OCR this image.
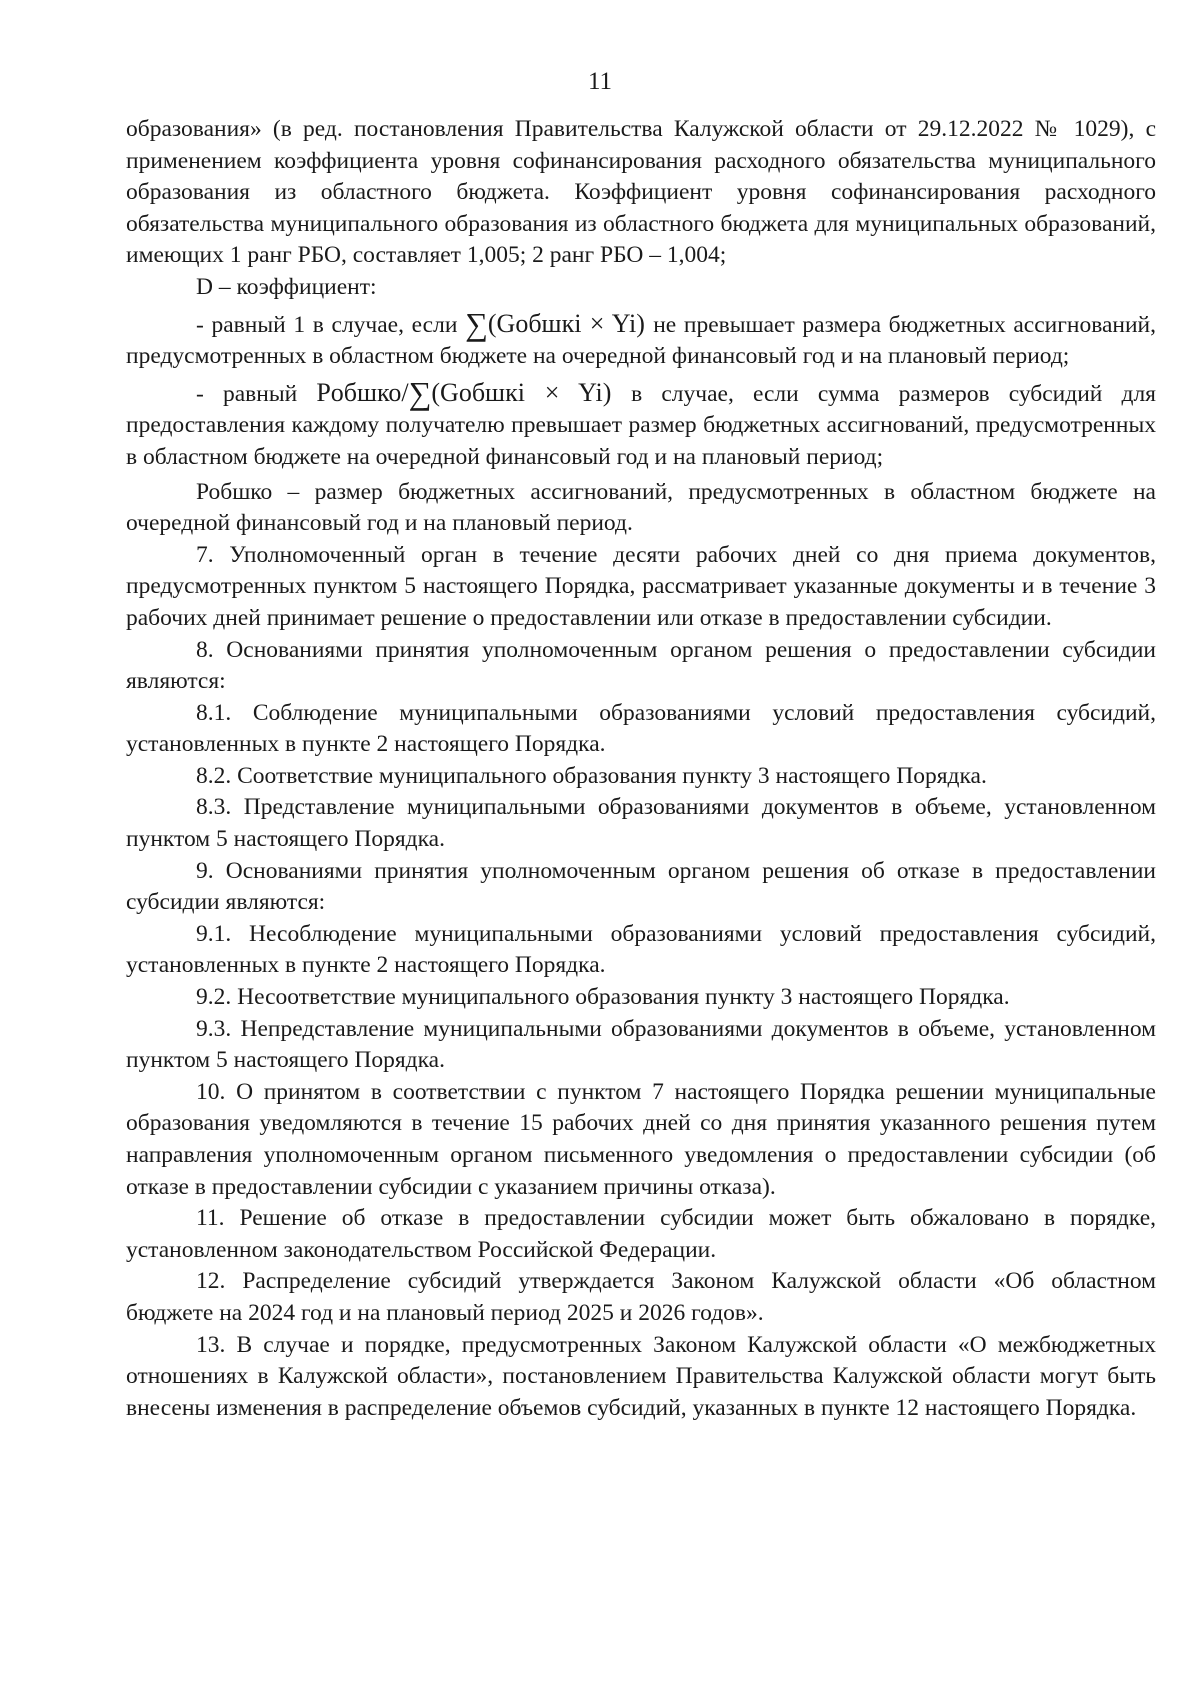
11

образования» (в ред. постановления Правительства Калужской области от 29.12.2022 № 1029), с применением коэффициента уровня софинансирования расходного обязательства муниципального образования из областного бюджета. Коэффициент уровня софинансирования расходного обязательства муниципального образования из областного бюджета для муниципальных образований, имеющих 1 ранг РБО, составляет 1,005; 2 ранг РБО – 1,004;

D – коэффициент:

- равный 1 в случае, если ∑(Gобшкi × Yi) не превышает размера бюджетных ассигнований, предусмотренных в областном бюджете на очередной финансовый год и на плановый период;

- равный Pобшко/∑(Gобшкi × Yi) в случае, если сумма размеров субсидий для предоставления каждому получателю превышает размер бюджетных ассигнований, предусмотренных в областном бюджете на очередной финансовый год и на плановый период;

Робшко – размер бюджетных ассигнований, предусмотренных в областном бюджете на очередной финансовый год и на плановый период.

7. Уполномоченный орган в течение десяти рабочих дней со дня приема документов, предусмотренных пунктом 5 настоящего Порядка, рассматривает указанные документы и в течение 3 рабочих дней принимает решение о предоставлении или отказе в предоставлении субсидии.

8. Основаниями принятия уполномоченным органом решения о предоставлении субсидии являются:

8.1. Соблюдение муниципальными образованиями условий предоставления субсидий, установленных в пункте 2 настоящего Порядка.

8.2. Соответствие муниципального образования пункту 3 настоящего Порядка.

8.3. Представление муниципальными образованиями документов в объеме, установленном пунктом 5 настоящего Порядка.

9. Основаниями принятия уполномоченным органом решения об отказе в предоставлении субсидии являются:

9.1. Несоблюдение муниципальными образованиями условий предоставления субсидий, установленных в пункте 2 настоящего Порядка.

9.2. Несоответствие муниципального образования пункту 3 настоящего Порядка.

9.3. Непредставление муниципальными образованиями документов в объеме, установленном пунктом 5 настоящего Порядка.

10. О принятом в соответствии с пунктом 7 настоящего Порядка решении муниципальные образования уведомляются в течение 15 рабочих дней со дня принятия указанного решения путем направления уполномоченным органом письменного уведомления о предоставлении субсидии (об отказе в предоставлении субсидии с указанием причины отказа).

11. Решение об отказе в предоставлении субсидии может быть обжаловано в порядке, установленном законодательством Российской Федерации.

12. Распределение субсидий утверждается Законом Калужской области «Об областном бюджете на 2024 год и на плановый период 2025 и 2026 годов».

13. В случае и порядке, предусмотренных Законом Калужской области «О межбюджетных отношениях в Калужской области», постановлением Правительства Калужской области могут быть внесены изменения в распределение объемов субсидий, указанных в пункте 12 настоящего Порядка.
